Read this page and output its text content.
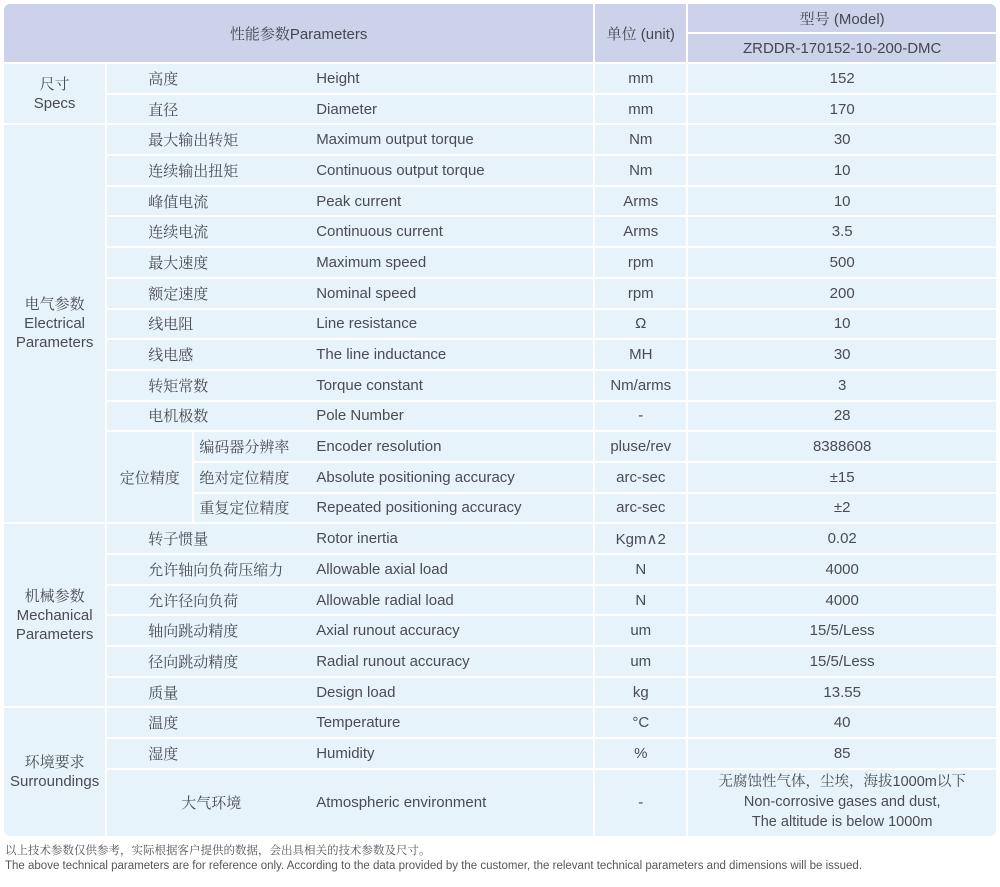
性能参数Parameters			单位 (unit)	型号 (Model)
				ZRDDR-170152-10-200-DMC

尺寸
Specs	高度 Height		mm	152
	直径 Diameter		mm	170

电气参数
Electrical
Parameters	最大输出转矩 Maximum output torque		Nm	30
	连续输出扭矩 Continuous output torque		Nm	10
	峰值电流 Peak current		Arms	10
	连续电流 Continuous current		Arms	3.5
	最大速度 Maximum speed		rpm	500
	额定速度 Nominal speed		rpm	200
	线电阻 Line resistance		Ω	10
	线电感 The line inductance		MH	30
	转矩常数 Torque constant		Nm/arms	3
	电机极数 Pole Number		-	28
	定位精度	编码器分辨率 Encoder resolution	pluse/rev	8388608
		绝对定位精度 Absolute positioning accuracy	arc-sec	±15
		重复定位精度 Repeated positioning accuracy	arc-sec	±2

机械参数
Mechanical
Parameters	转子惯量 Rotor inertia		Kgm∧2	0.02
	允许轴向负荷压缩力 Allowable axial load		N	4000
	允许径向负荷 Allowable radial load		N	4000
	轴向跳动精度 Axial runout accuracy		um	15/5/Less
	径向跳动精度 Radial runout accuracy		um	15/5/Less
	质量 Design load		kg	13.55

环境要求
Surroundings	温度 Temperature		°C	40
	湿度 Humidity		%	85
	大气环境 Atmospheric environment		-	无腐蚀性气体，尘埃，海拔1000m以下
Non-corrosive gases and dust,
The altitude is below 1000m
以上技术参数仅供参考，实际根据客户提供的数据，会出具相关的技术参数及尺寸。
The above technical parameters are for reference only. According to the data provided by the customer, the relevant technical parameters and dimensions will be issued.
